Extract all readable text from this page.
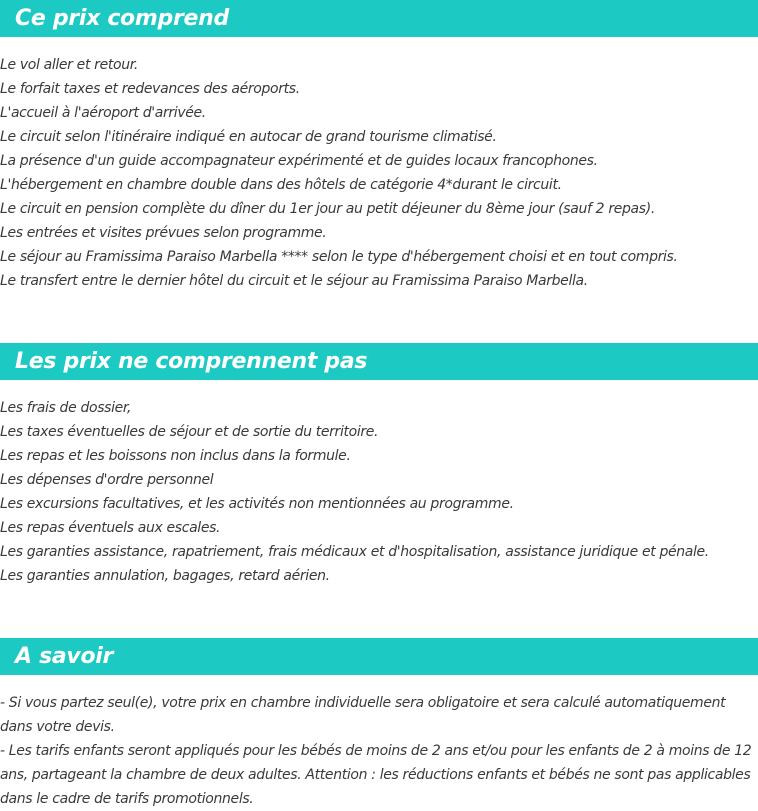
Ce prix comprend
Le vol aller et retour.
Le forfait taxes et redevances des aéroports.
L'accueil à l'aéroport d'arrivée.
Le circuit selon l'itinéraire indiqué en autocar de grand tourisme climatisé.
La présence d'un guide accompagnateur expérimenté et de guides locaux francophones.
L'hébergement en chambre double dans des hôtels de catégorie 4*durant le circuit.
Le circuit en pension complète du dîner du 1er jour au petit déjeuner du 8ème jour (sauf 2 repas).
Les entrées et visites prévues selon programme.
Le séjour au Framissima Paraiso Marbella **** selon le type d'hébergement choisi et en tout compris.
Le transfert entre le dernier hôtel du circuit et le séjour au Framissima Paraiso Marbella.
Les prix ne comprennent pas
Les frais de dossier,
Les taxes éventuelles de séjour et de sortie du territoire.
Les repas et les boissons non inclus dans la formule.
Les dépenses d'ordre personnel
Les excursions facultatives, et les activités non mentionnées au programme.
Les repas éventuels aux escales.
Les garanties assistance, rapatriement, frais médicaux et d'hospitalisation, assistance juridique et pénale.
Les garanties annulation, bagages, retard aérien.
A savoir

- Si vous partez seul(e), votre prix en chambre individuelle sera obligatoire et sera calculé automatiquement dans votre devis.

- Les tarifs enfants seront appliqués pour les bébés de moins de 2 ans et/ou pour les enfants de 2 à moins de 12 ans, partageant la chambre de deux adultes. Attention : les réductions enfants et bébés ne sont pas applicables dans le cadre de tarifs promotionnels.
